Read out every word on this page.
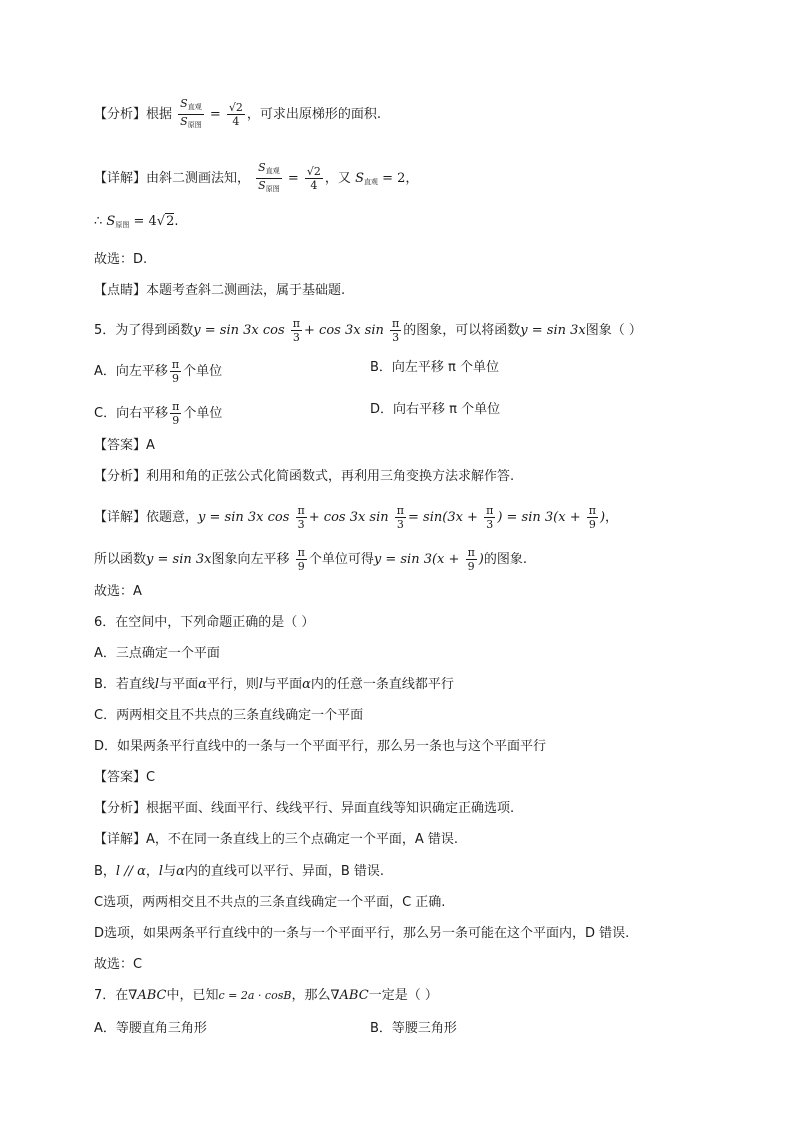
【分析】根据 $\frac{S_{直观}}{S_{原图}} = \frac{√2}{4}$ ，可求出原梯形的面积.
【详解】由斜二测画法知， $\frac{S_{直观}}{S_{原图}} = \frac{√2}{4}$ ，又 $S_{直观} = 2$，
∴ $S_{原图} = 4√2$.
故选：D.
【点睛】本题考查斜二测画法，属于基础题.
5．为了得到函数y = sin 3x $\cos \frac{\pi}{3} + \cos 3x$ $\sin \frac{\pi}{3}$ 的图象，可以将函数y = sin 3x图象（ ）
A．向左平移 $\frac{\pi}{9}$ 个单位	B．向左平移 π 个单位
C．向右平移 $\frac{\pi}{9}$ 个单位	D．向右平移 π 个单位
【答案】A
【分析】利用和角的正弦公式化简函数式，再利用三角变换方法求解作答.
【详解】依题意，y = sin 3x $\cos \frac{\pi}{3} + \cos 3x$ $\sin \frac{\pi}{3} = \sin(3x + \frac{\pi}{3}$ ) = $\sin 3(x + \frac{\pi}{9}$ )，
所以函数y = sin 3x图象向左平移 $\frac{\pi}{9}$ 个单位可得$y = \sin 3(x + \frac{\pi}{9}$ )的图象.
故选：A
6．在空间中，下列命题正确的是（ ）
A．三点确定一个平面
B．若直线l与平面α平行，则l与平面α内的任意一条直线都平行
C．两两相交且不共点的三条直线确定一个平面
D．如果两条平行直线中的一条与一个平面平行，那么另一条也与这个平面平行
【答案】C
【分析】根据平面、线面平行、线线平行、异面直线等知识确定正确选项.
【详解】A，不在同一条直线上的三个点确定一个平面，A 错误.
B，l // α，l与α内的直线可以平行、异面，B 错误.
C选项，两两相交且不共点的三条直线确定一个平面，C 正确.
D选项，如果两条平行直线中的一条与一个平面平行，那么另一条可能在这个平面内，D 错误.
故选：C
7．在∇ABC中，已知c = 2a · cosB，那么∇ABC一定是（ ）
A．等腰直角三角形	B．等腰三角形
